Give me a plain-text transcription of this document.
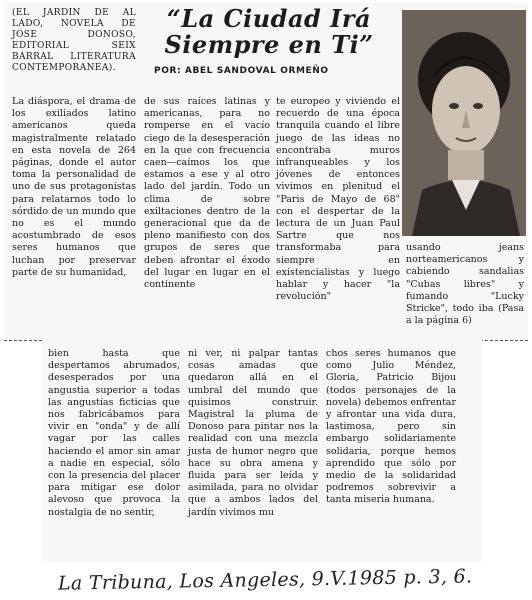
(EL JARDIN DE AL LADO, NOVELA DE JOSE DONOSO, EDITORIAL SEIX BARRAL LITERATURA CONTEMPORANEA).

“La Ciudad Irá Siempre en Ti”
POR: ABEL SANDOVAL ORMEÑO

La diáspora, el drama de los exiliados latino americanos queda magistralmente relatado en esta novela de 264 páginas, donde el autor toma la personalidad de uno de sus protagonistas para relatarnos todo lo sórdido de un mundo que no es el mundo acostumbrado de esos seres humanos que luchan por preservar parte de su humanidad,

de sus raíces latinas y americanas, para no romperse en el vacío ciego de la desesperación en la que con frecuencia caen—caímos los que estamos a ese y al otro lado del jardín. Todo un clima de sobre exiltaciones dentro de la generacional que da de pleno manifiesto con dos grupos de seres que deben afrontar el éxodo del lugar en lugar en el continente

te europeo y viviendo el recuerdo de una época tranquila cuando el libre juego de las ideas no encontraba muros infranqueables y los jóvenes de entonces vivimos en plenitud el "Paris de Mayo de 68" con el despertar de la lectura de un Juan Paul Sartre que nos transformaba para siempre en existencialistas y luego hablar y hacer "la revolución"

usando jeans norteamericanos y cabiendo sandalias "Cubas libres" y fumando "Lucky Stricke", todo iba (Pasa a la página 6)

bien hasta que despertamos abrumados, desesperados por una angustia superior a todas las angustias ficticias que nos fabricábamos para vivir en "onda" y de allí vagar por las calles haciendo el amor sin amar a nadie en especial, sólo con la presencia del placer para mitigar ese dolor alevoso que provoca la nostalgia de no sentir,

ni ver, ni palpar tantas cosas amadas que quedaron allá en el umbral del mundo que quisimos construir. Magistral la pluma de Donoso para pintar nos la realidad con una mezcla justa de humor negro que hace su obra amena y fluida para ser leída y asimilada, para no olvidar que a ambos lados del jardín vivimos mu

chos seres humanos que como Julio Méndez, Gloria, Patricio Bijou (todos personajes de la novela) debemos enfrentar y afrontar una vida dura, lastimosa, pero sin embargo solidariamente solidaria, porque hemos aprendido que sólo por medio de la solidaridad podremos sobrevivir a tanta miseria humana.

La Tribuna, Los Angeles, 9.V.1985 p. 3, 6.
